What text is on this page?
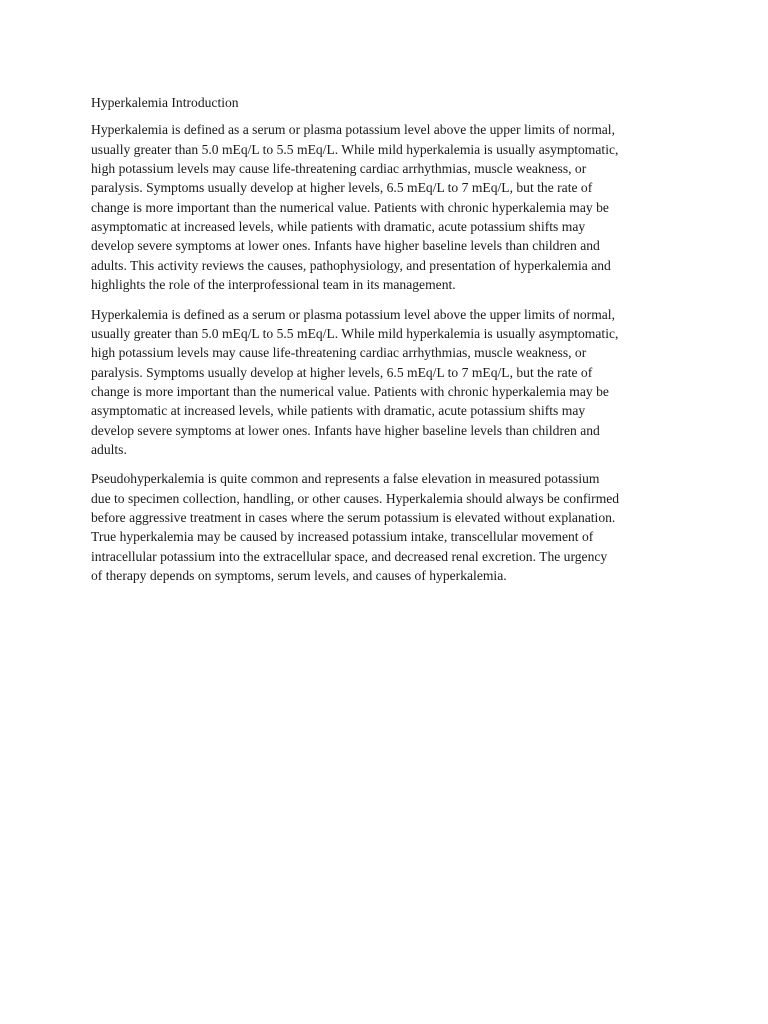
Hyperkalemia Introduction

Hyperkalemia is defined as a serum or plasma potassium level above the upper limits of normal,
usually greater than 5.0 mEq/L to 5.5 mEq/L. While mild hyperkalemia is usually asymptomatic,
high potassium levels may cause life-threatening cardiac arrhythmias, muscle weakness, or
paralysis. Symptoms usually develop at higher levels, 6.5 mEq/L to 7 mEq/L, but the rate of
change is more important than the numerical value. Patients with chronic hyperkalemia may be
asymptomatic at increased levels, while patients with dramatic, acute potassium shifts may
develop severe symptoms at lower ones. Infants have higher baseline levels than children and
adults. This activity reviews the causes, pathophysiology, and presentation of hyperkalemia and
highlights the role of the interprofessional team in its management.

Hyperkalemia is defined as a serum or plasma potassium level above the upper limits of normal,
usually greater than 5.0 mEq/L to 5.5 mEq/L. While mild hyperkalemia is usually asymptomatic,
high potassium levels may cause life-threatening cardiac arrhythmias, muscle weakness, or
paralysis. Symptoms usually develop at higher levels, 6.5 mEq/L to 7 mEq/L, but the rate of
change is more important than the numerical value. Patients with chronic hyperkalemia may be
asymptomatic at increased levels, while patients with dramatic, acute potassium shifts may
develop severe symptoms at lower ones. Infants have higher baseline levels than children and
adults.

Pseudohyperkalemia is quite common and represents a false elevation in measured potassium
due to specimen collection, handling, or other causes. Hyperkalemia should always be confirmed
before aggressive treatment in cases where the serum potassium is elevated without explanation.
True hyperkalemia may be caused by increased potassium intake, transcellular movement of
intracellular potassium into the extracellular space, and decreased renal excretion. The urgency
of therapy depends on symptoms, serum levels, and causes of hyperkalemia.
